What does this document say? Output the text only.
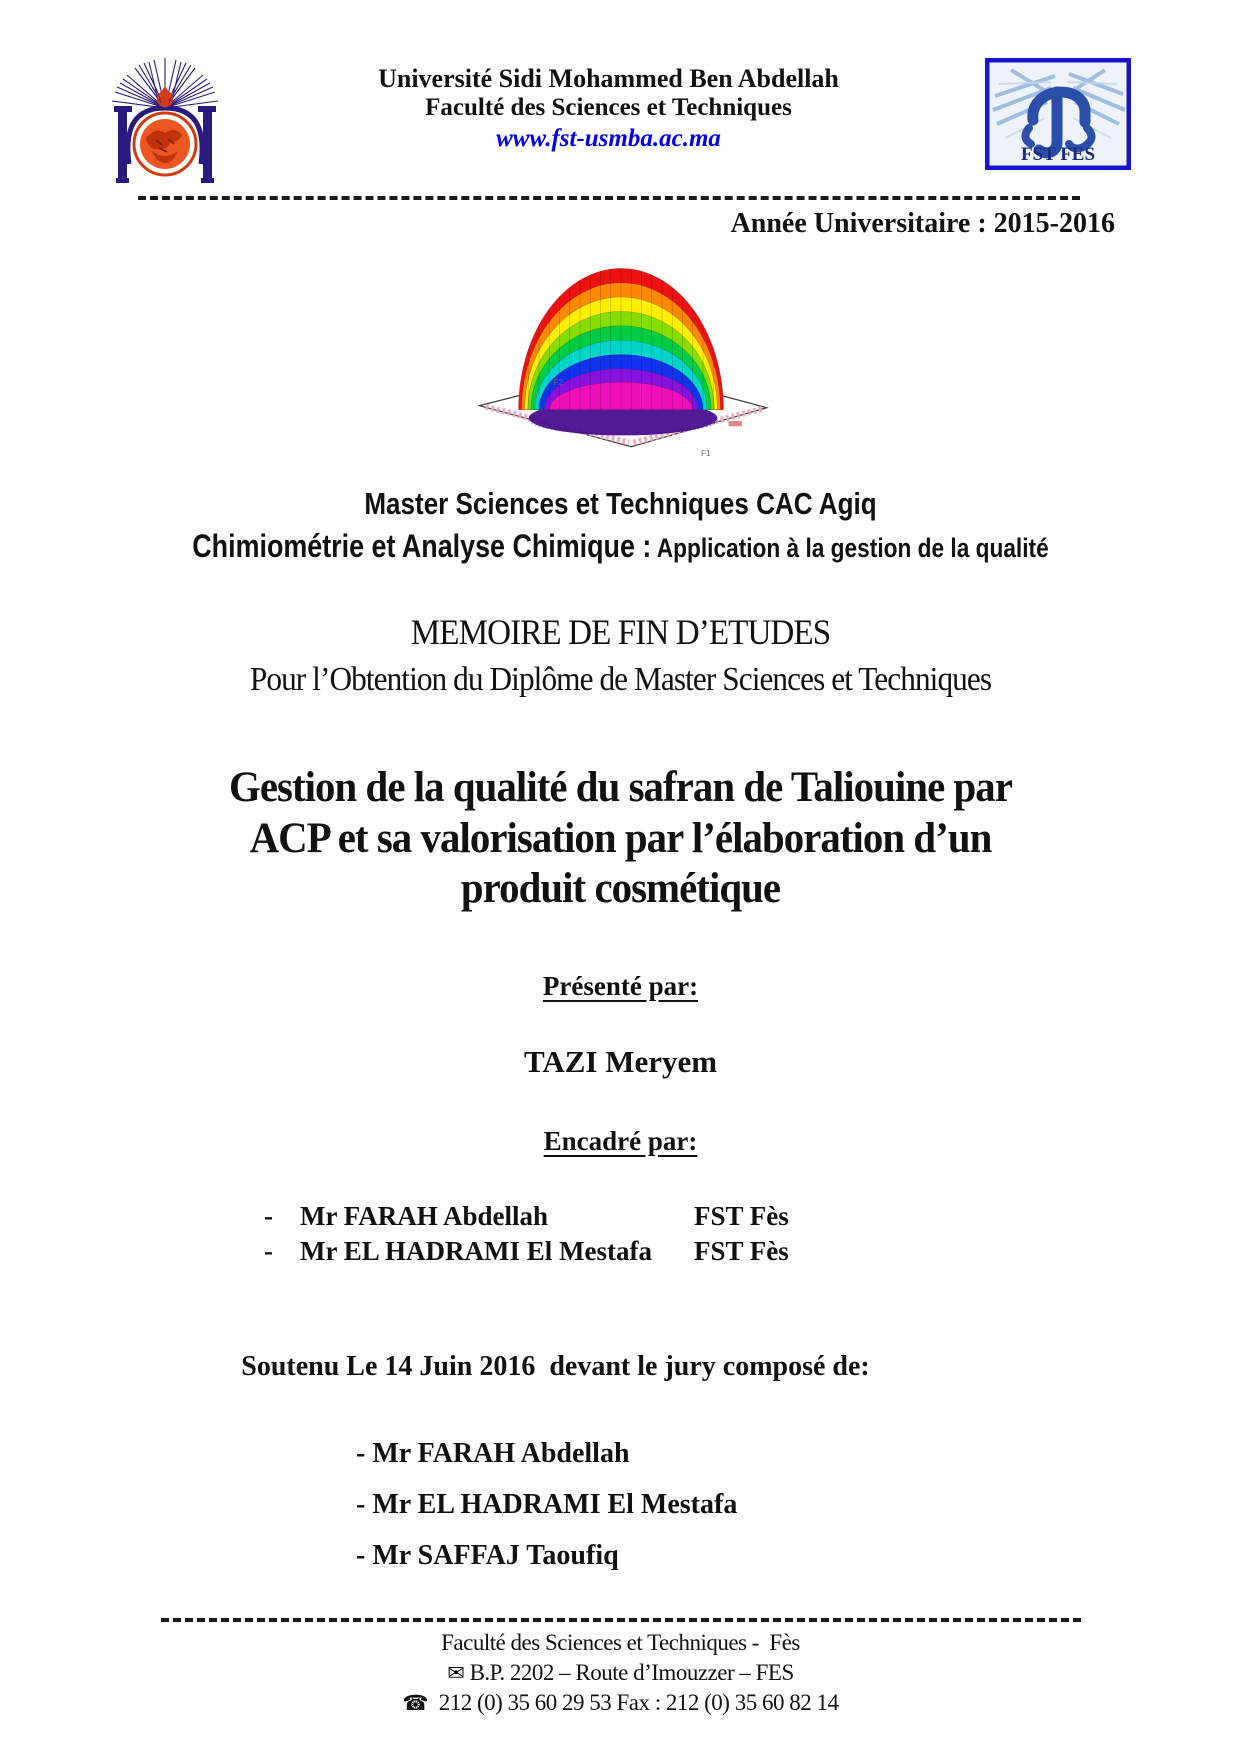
Université Sidi Mohammed Ben Abdellah
Faculté des Sciences et Techniques
www.fst-usmba.ac.ma
FST FES
Année Universitaire : 2015-2016
F2
F1
Master Sciences et Techniques CAC Agiq
Chimiométrie et Analyse Chimique : Application à la gestion de la qualité
MEMOIRE DE FIN D’ETUDES
Pour l’Obtention du Diplôme de Master Sciences et Techniques
Gestion de la qualité du safran de Taliouine par
ACP et sa valorisation par l’élaboration d’un
produit cosmétique
Présenté par:
TAZI Meryem
Encadré par:
-	Mr FARAH Abdellah	FST Fès
-	Mr EL HADRAMI El Mestafa	FST Fès
Soutenu Le 14 Juin 2016  devant le jury composé de:
- Mr FARAH Abdellah
- Mr EL HADRAMI El Mestafa
- Mr SAFFAJ Taoufiq
Faculté des Sciences et Techniques -  Fès
✉ B.P. 2202 – Route d’Imouzzer – FES
☎ 212 (0) 35 60 29 53 Fax : 212 (0) 35 60 82 14
